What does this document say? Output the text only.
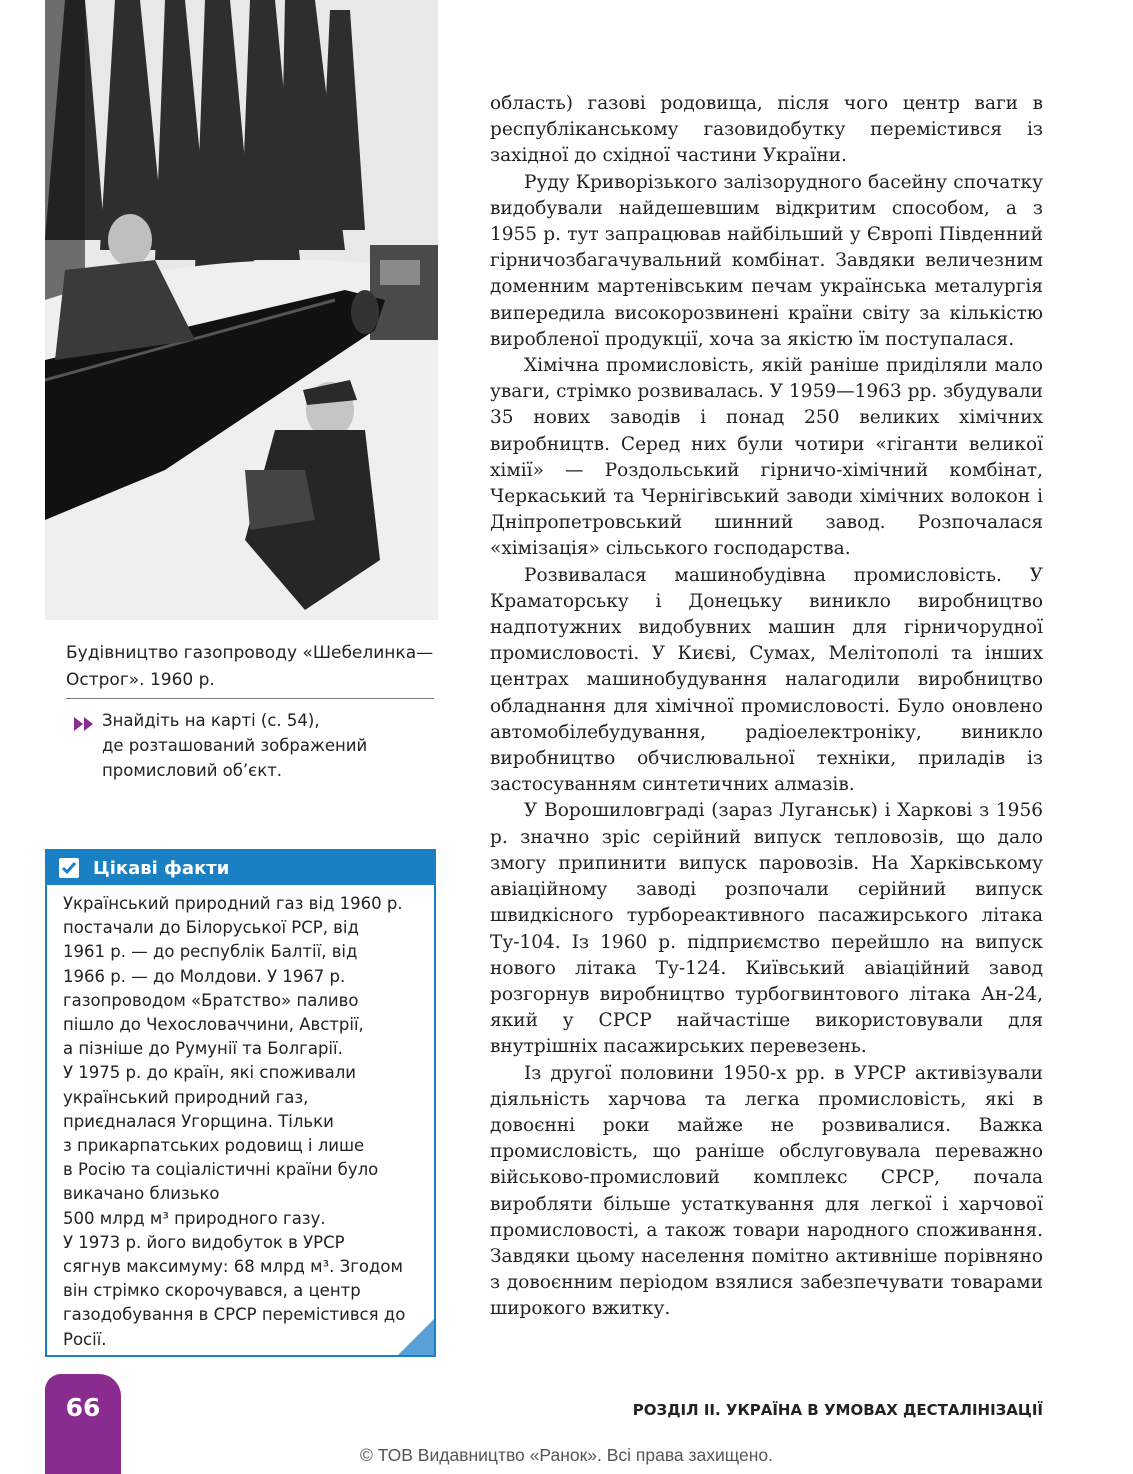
Будівництво газопроводу «Шебелинка—
Острог». 1960 р.
Знайдіть на карті (с. 54),
де розташований зображений
промисловий об’єкт.
Цікаві факти
Український природний газ від 1960 р.
постачали до Білоруської РСР, від
1961 р. — до республік Балтії, від
1966 р. — до Молдови. У 1967 р.
газопроводом «Братство» паливо
пішло до Чехословаччини, Австрії,
а пізніше до Румунії та Болгарії.
У 1975 р. до країн, які споживали
український природний газ,
приєдналася Угорщина. Тільки
з прикарпатських родовищ і лише
в Росію та соціалістичні країни було
викачано близько
500 млрд м³ природного газу.
У 1973 р. його видобуток в УРСР
сягнув максимуму: 68 млрд м³. Згодом
він стрімко скорочувався, а центр
газодобування в СРСР перемістився до
Росії.

область) газові родовища, після чого центр ваги в республіканському газовидобутку перемістився із західної до східної частини України.

Руду Криворізького залізорудного басейну спочатку видобували найдешевшим відкритим способом, а з 1955 р. тут запрацював найбільший у Європі Південний гірничозбагачувальний комбінат. Завдяки величезним доменним мартенівським печам українська металургія випередила високорозвинені країни світу за кількістю виробленої продукції, хоча за якістю їм поступалася.

Хімічна промисловість, якій раніше приділяли мало уваги, стрімко розвивалась. У 1959—1963 рр. збудували 35 нових заводів і понад 250 великих хімічних виробництв. Серед них були чотири «гіганти великої хімії» — Роздольський гірничо-хімічний комбінат, Черкаський та Чернігівський заводи хімічних волокон і Дніпропетровський шинний завод. Розпочалася «хімізація» сільського господарства.

Розвивалася машинобудівна промисловість. У Краматорську і Донецьку виникло виробництво надпотужних видобувних машин для гірничорудної промисловості. У Києві, Сумах, Мелітополі та інших центрах машинобудування налагодили виробництво обладнання для хімічної промисловості. Було оновлено автомобілебудування, радіоелектроніку, виникло виробництво обчислювальної техніки, приладів із застосуванням синтетичних алмазів.

У Ворошиловграді (зараз Луганськ) і Харкові з 1956 р. значно зріс серійний випуск тепловозів, що дало змогу припинити випуск паровозів. На Харківському авіаційному заводі розпочали серійний випуск швидкісного турбореактивного пасажирського літака Ту-104. Із 1960 р. підприємство перейшло на випуск нового літака Ту-124. Київський авіаційний завод розгорнув виробництво турбогвинтового літака Ан-24, який у СРСР найчастіше використовували для внутрішніх пасажирських перевезень.

Із другої половини 1950-х рр. в УРСР активізували діяльність харчова та легка промисловість, які в довоєнні роки майже не розвивалися. Важка промисловість, що раніше обслуговувала переважно військово-промисловий комплекс СРСР, почала виробляти більше устаткування для легкої і харчової промисловості, а також товари народного споживання. Завдяки цьому населення помітно активніше порівняно з довоєнним періодом взялися забезпечувати товарами широкого вжитку.

66	РОЗДІЛ II. УКРАЇНА В УМОВАХ ДЕСТАЛІНІЗАЦІЇ
© ТОВ Видавництво «Ранок». Всі права захищено.
